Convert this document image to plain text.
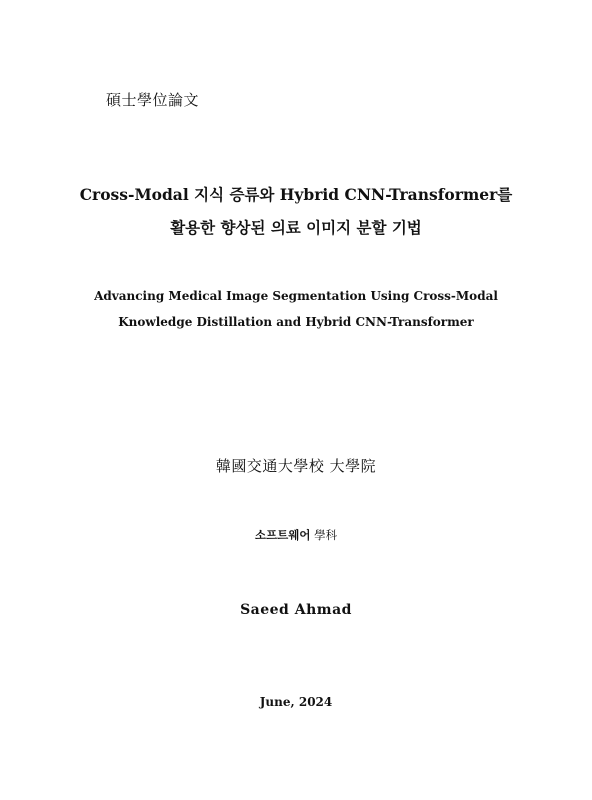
碩士學位論文
Cross-Modal 지식 증류와 Hybrid CNN-Transformer를
활용한 향상된 의료 이미지 분할 기법
Advancing Medical Image Segmentation Using Cross-Modal
Knowledge Distillation and Hybrid CNN-Transformer
韓國交通大學校 大學院
소프트웨어 學科
Saeed Ahmad
June, 2024
